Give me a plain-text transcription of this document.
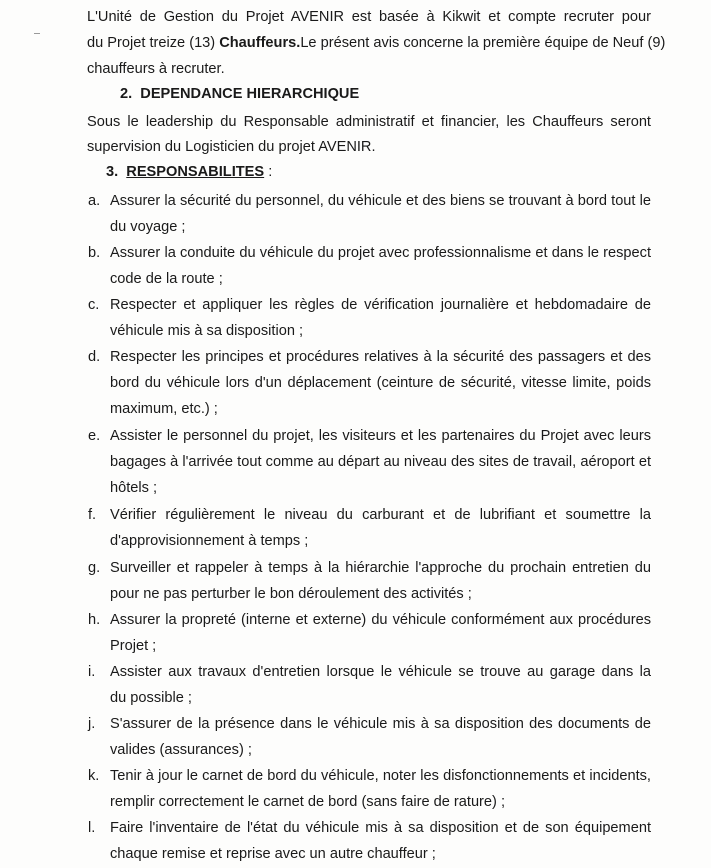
L'Unité de Gestion du Projet AVENIR est basée à Kikwit et compte recruter pour
du Projet treize (13) Chauffeurs. Le présent avis concerne la première équipe de Neuf (9)
chauffeurs à recruter.
2. DEPENDANCE HIERARCHIQUE
Sous le leadership du Responsable administratif et financier, les Chauffeurs seront
supervision du Logisticien du projet AVENIR.
3. RESPONSABILITES :
a. Assurer la sécurité du personnel, du véhicule et des biens se trouvant à bord tout le
du voyage ;
b. Assurer la conduite du véhicule du projet avec professionnalisme et dans le respect
code de la route ;
c. Respecter et appliquer les règles de vérification journalière et hebdomadaire de
véhicule mis à sa disposition ;
d. Respecter les principes et procédures relatives à la sécurité des passagers et des
bord du véhicule lors d'un déplacement (ceinture de sécurité, vitesse limite, poids
maximum, etc.) ;
e. Assister le personnel du projet, les visiteurs et les partenaires du Projet avec leurs
bagages à l'arrivée tout comme au départ au niveau des sites de travail, aéroport et
hôtels ;
f. Vérifier régulièrement le niveau du carburant et de lubrifiant et soumettre la
d'approvisionnement à temps ;
g. Surveiller et rappeler à temps à la hiérarchie l'approche du prochain entretien du
pour ne pas perturber le bon déroulement des activités ;
h. Assurer la propreté (interne et externe) du véhicule conformément aux procédures
Projet ;
i. Assister aux travaux d'entretien lorsque le véhicule se trouve au garage dans la
du possible ;
j. S'assurer de la présence dans le véhicule mis à sa disposition des documents de
valides (assurances) ;
k. Tenir à jour le carnet de bord du véhicule, noter les disfonctionnements et incidents,
remplir correctement le carnet de bord (sans faire de rature) ;
l. Faire l'inventaire de l'état du véhicule mis à sa disposition et de son équipement
chaque remise et reprise avec un autre chauffeur ;
